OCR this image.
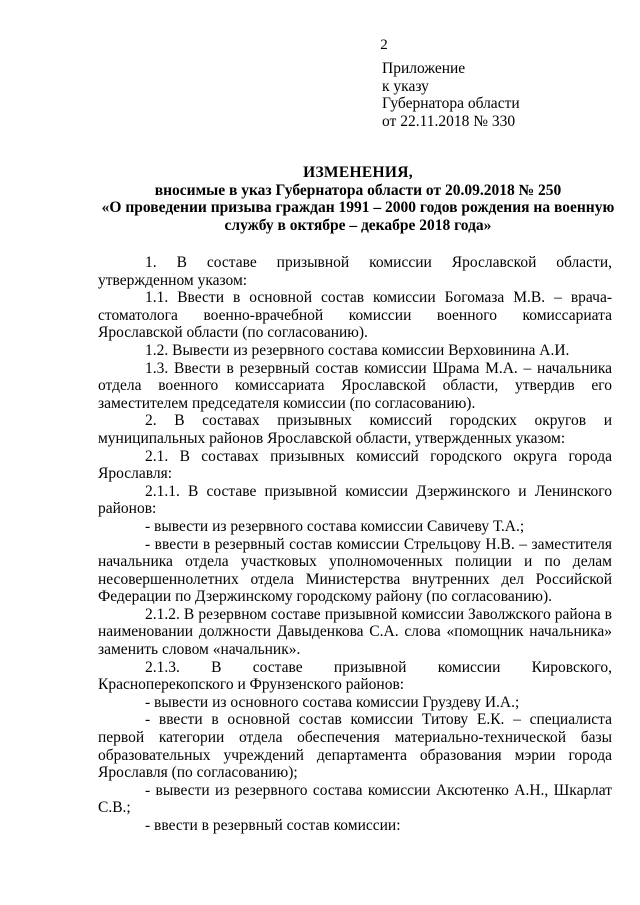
2
Приложение
к указу
Губернатора области
от 22.11.2018 № 330
ИЗМЕНЕНИЯ,
вносимые в указ Губернатора области от 20.09.2018 № 250
«О проведении призыва граждан 1991 – 2000 годов рождения на военную службу в октябре – декабре 2018 года»

1. В составе призывной комиссии Ярославской области, утвержденном указом:

1.1. Ввести в основной состав комиссии Богомаза М.В. – врача-стоматолога военно-врачебной комиссии военного комиссариата Ярославской области (по согласованию).

1.2. Вывести из резервного состава комиссии Верховинина А.И.

1.3. Ввести в резервный состав комиссии Шрама М.А. – начальника отдела военного комиссариата Ярославской области, утвердив его заместителем председателя комиссии (по согласованию).

2. В составах призывных комиссий городских округов и муниципальных районов Ярославской области, утвержденных указом:

2.1. В составах призывных комиссий городского округа города Ярославля:

2.1.1. В составе призывной комиссии Дзержинского и Ленинского районов:

- вывести из резервного состава комиссии Савичеву Т.А.;

- ввести в резервный состав комиссии Стрельцову Н.В. – заместителя начальника отдела участковых уполномоченных полиции и по делам несовершеннолетних отдела Министерства внутренних дел Российской Федерации по Дзержинскому городскому району (по согласованию).

2.1.2. В резервном составе призывной комиссии Заволжского района в наименовании должности Давыденкова С.А. слова «помощник начальника» заменить словом «начальник».

2.1.3. В составе призывной комиссии Кировского, Красноперекопского и Фрунзенского районов:

- вывести из основного состава комиссии Груздеву И.А.;

- ввести в основной состав комиссии Титову Е.К. – специалиста первой категории отдела обеспечения материально-технической базы образовательных учреждений департамента образования мэрии города Ярославля (по согласованию);

- вывести из резервного состава комиссии Аксютенко А.Н., Шкарлат С.В.;

- ввести в резервный состав комиссии:
